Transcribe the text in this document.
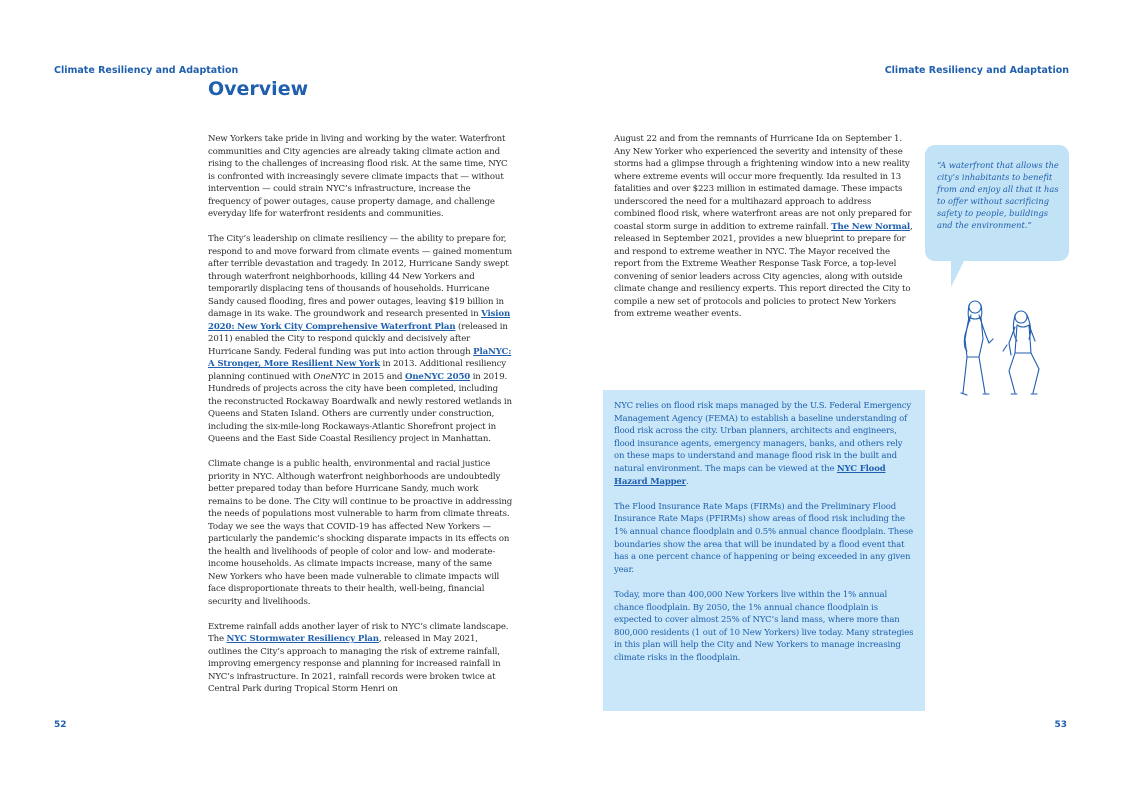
Climate Resiliency and Adaptation	Climate Resiliency and Adaptation
Overview

New Yorkers take pride in living and working by the water. Waterfront communities and City agencies are already taking climate action and rising to the challenges of increasing flood risk. At the same time, NYC is confronted with increasingly severe climate impacts that — without intervention — could strain NYC’s infrastructure, increase the frequency of power outages, cause property damage, and challenge everyday life for waterfront residents and communities.

The City’s leadership on climate resiliency — the ability to prepare for, respond to and move forward from climate events — gained momentum after terrible devastation and tragedy. In 2012, Hurricane Sandy swept through waterfront neighborhoods, killing 44 New Yorkers and temporarily displacing tens of thousands of households. Hurricane Sandy caused flooding, fires and power outages, leaving $19 billion in damage in its wake. The groundwork and research presented in Vision 2020: New York City Comprehensive Waterfront Plan (released in 2011) enabled the City to respond quickly and decisively after Hurricane Sandy. Federal funding was put into action through PlaNYC: A Stronger, More Resilient New York in 2013. Additional resiliency planning continued with OneNYC in 2015 and OneNYC 2050 in 2019. Hundreds of projects across the city have been completed, including the reconstructed Rockaway Boardwalk and newly restored wetlands in Queens and Staten Island. Others are currently under construction, including the six-mile-long Rockaways-Atlantic Shorefront project in Queens and the East Side Coastal Resiliency project in Manhattan.

Climate change is a public health, environmental and racial justice priority in NYC. Although waterfront neighborhoods are undoubtedly better prepared today than before Hurricane Sandy, much work remains to be done. The City will continue to be proactive in addressing the needs of populations most vulnerable to harm from climate threats. Today we see the ways that COVID-19 has affected New Yorkers — particularly the pandemic’s shocking disparate impacts in its effects on the health and livelihoods of people of color and low- and moderate-income households. As climate impacts increase, many of the same New Yorkers who have been made vulnerable to climate impacts will face disproportionate threats to their health, well-being, financial security and livelihoods.

Extreme rainfall adds another layer of risk to NYC’s climate landscape. The NYC Stormwater Resiliency Plan, released in May 2021, outlines the City’s approach to managing the risk of extreme rainfall, improving emergency response and planning for increased rainfall in NYC’s infrastructure. In 2021, rainfall records were broken twice at Central Park during Tropical Storm Henri on

August 22 and from the remnants of Hurricane Ida on September 1. Any New Yorker who experienced the severity and intensity of these storms had a glimpse through a frightening window into a new reality where extreme events will occur more frequently. Ida resulted in 13 fatalities and over $223 million in estimated damage. These impacts underscored the need for a multihazard approach to address combined flood risk, where waterfront areas are not only prepared for coastal storm surge in addition to extreme rainfall. The New Normal, released in September 2021, provides a new blueprint to prepare for and respond to extreme weather in NYC. The Mayor received the report from the Extreme Weather Response Task Force, a top-level convening of senior leaders across City agencies, along with outside climate change and resiliency experts. This report directed the City to compile a new set of protocols and policies to protect New Yorkers from extreme weather events.

“A waterfront that allows the city’s inhabitants to benefit from and enjoy all that it has to offer without sacrificing safety to people, buildings and the environment.”

NYC relies on flood risk maps managed by the U.S. Federal Emergency Management Agency (FEMA) to establish a baseline understanding of flood risk across the city. Urban planners, architects and engineers, flood insurance agents, emergency managers, banks, and others rely on these maps to understand and manage flood risk in the built and natural environment. The maps can be viewed at the NYC Flood Hazard Mapper.

The Flood Insurance Rate Maps (FIRMs) and the Preliminary Flood Insurance Rate Maps (PFIRMs) show areas of flood risk including the 1% annual chance floodplain and 0.5% annual chance floodplain. These boundaries show the area that will be inundated by a flood event that has a one percent chance of happening or being exceeded in any given year.

Today, more than 400,000 New Yorkers live within the 1% annual chance floodplain. By 2050, the 1% annual chance floodplain is expected to cover almost 25% of NYC’s land mass, where more than 800,000 residents (1 out of 10 New Yorkers) live today. Many strategies in this plan will help the City and New Yorkers to manage increasing climate risks in the floodplain.

52	53
